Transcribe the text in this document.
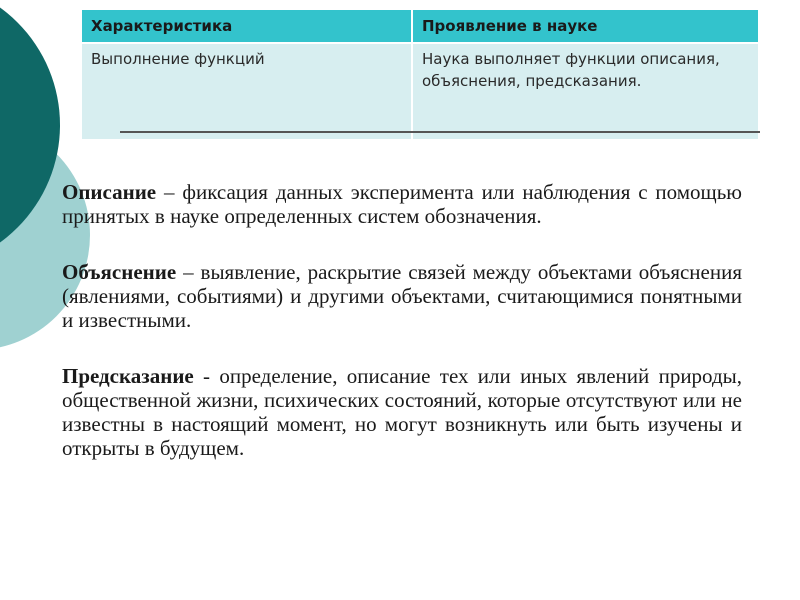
Характеристика	Проявление в науке
Выполнение функций	Наука выполняет функции описания, объяснения, предсказания.

Описание – фиксация данных эксперимента или наблюдения с помощью принятых в науке определенных систем обозначения.

Объяснение – выявление, раскрытие связей между объектами объяснения (явлениями, событиями) и другими объектами, считающимися понятными и известными.

Предсказание - определение, описание тех или иных явлений природы, общественной жизни, психических состояний, которые отсутствуют или не известны в настоящий момент, но могут возникнуть или быть изучены и открыты в будущем.
